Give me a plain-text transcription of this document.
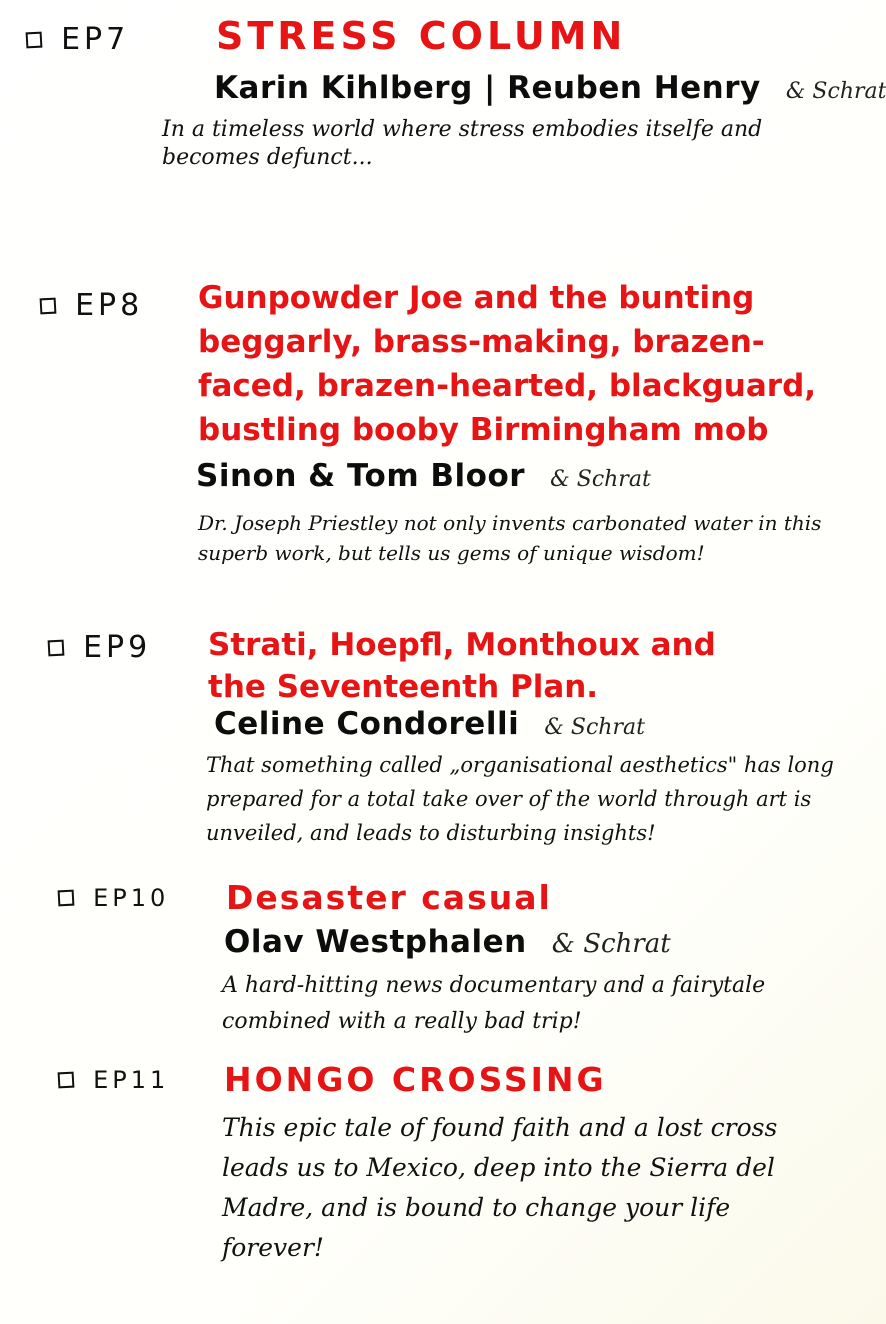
EP7 STRESS COLUMN
Karin Kihlberg | Reuben Henry & Schrat
In a timeless world where stress embodies itselfe and becomes defunct...
EP8 Gunpowder Joe and the bunting beggarly, brass-making, brazen-faced, brazen-hearted, blackguard, bustling booby Birmingham mob
Sinon & Tom Bloor & Schrat
Dr. Joseph Priestley not only invents carbonated water in this superb work, but tells us gems of unique wisdom!
EP9 Strati, Hoepfl, Monthoux and the Seventeenth Plan.
Celine Condorelli & Schrat
That something called „organisational aesthetics" has long prepared for a total take over of the world through art is unveiled, and leads to disturbing insights!
EP10 Desaster casual
Olav Westphalen & Schrat
A hard-hitting news documentary and a fairytale combined with a really bad trip!
EP11 HONGO CROSSING
This epic tale of found faith and a lost cross leads us to Mexico, deep into the Sierra del Madre, and is bound to change your life forever!
